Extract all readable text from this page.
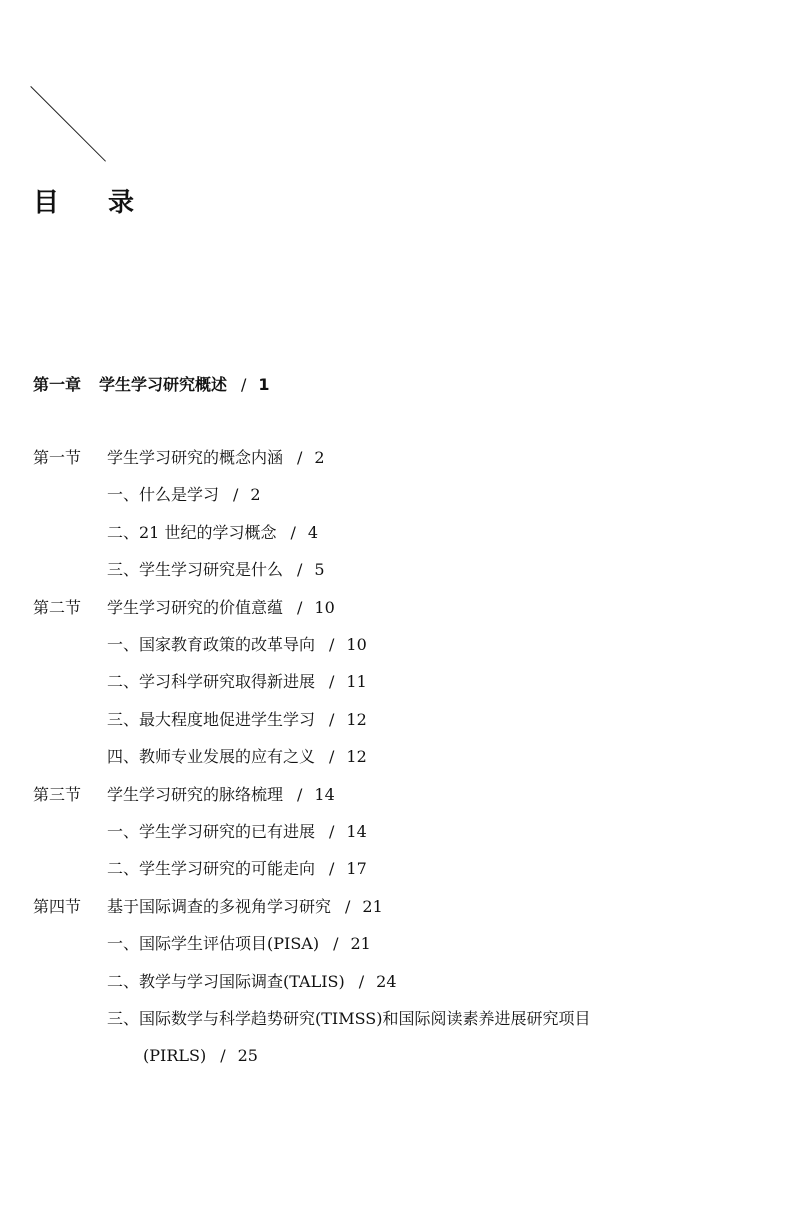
目 录
第一章 学生学习研究概述 / 1
第一节 学生学习研究的概念内涵 / 2
一、什么是学习 / 2
二、21 世纪的学习概念 / 4
三、学生学习研究是什么 / 5
第二节 学生学习研究的价值意蕴 / 10
一、国家教育政策的改革导向 / 10
二、学习科学研究取得新进展 / 11
三、最大程度地促进学生学习 / 12
四、教师专业发展的应有之义 / 12
第三节 学生学习研究的脉络梳理 / 14
一、学生学习研究的已有进展 / 14
二、学生学习研究的可能走向 / 17
第四节 基于国际调查的多视角学习研究 / 21
一、国际学生评估项目(PISA) / 21
二、教学与学习国际调查(TALIS) / 24
三、国际数学与科学趋势研究(TIMSS)和国际阅读素养进展研究项目
(PIRLS) / 25
